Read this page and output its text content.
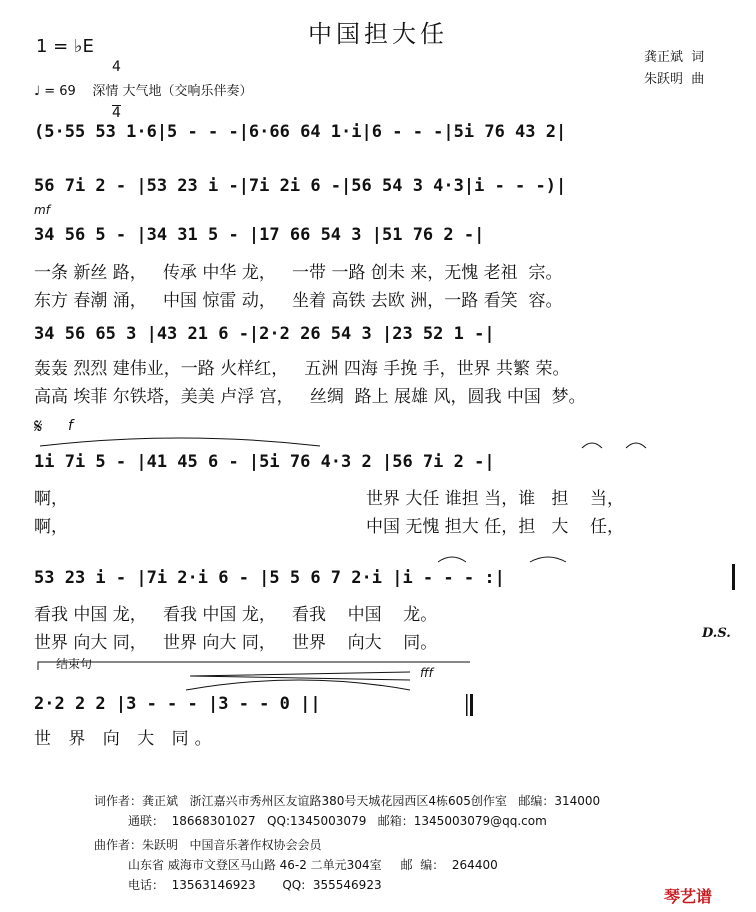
中国担大任
1 = ♭E

4

4

♩ = 69    深情 大气地（交响乐伴奏）
龚正斌  词
朱跃明  曲
(5·55 53 1·6|5 - - -|6·66 64 1·i|6 - - -|5i 76 43 2|
56 7i 2 - |53 23 i -|7i 2i 6 -|56 54 3 4·3|i - - -)|
mf
34 56 5 - |34 31 5 - |17 66 54 3 |51 76 2 -|
一条 新丝 路，   传承 中华 龙，   一带 一路 创未 来，无愧 老祖  宗。
东方 春潮 涌，   中国 惊雷 动，   坐着 高铁 去欧 洲，一路 看笑  容。
34 56 65 3 |43 21 6 -|2·2 26 54 3 |23 52 1 -|
轰轰 烈烈 建伟业，一路 火样红，   五洲 四海 手挽 手，世界 共繁 荣。
高高 埃菲 尔铁塔，美美 卢浮 宫，   丝绸  路上 展雄 风，圆我 中国  梦。
𝄋 f
1i 7i 5 - |41 45 6 - |5i 76 4·3 2 |56 7i 2 -|
啊，	世界 大任 谁担 当，谁   担    当，
啊，	中国 无愧 担大 任，担   大    任，
53 23 i - |7i 2·i 6 - |5 5 6 7 2·i |i - - - :|
看我 中国 龙，   看我 中国 龙，   看我    中国    龙。
世界 向大 同，   世界 向大 同，   世界    向大    同。	D.S.
结束句
fff
2·2 2 2 |3 - - - |3 - - 0 ||
世 界 向 大 同。
词作者：龚正斌   浙江嘉兴市秀州区友谊路380号天城花园西区4栋605创作室   邮编：314000
通联：  18668301027   QQ:1345003079   邮箱：1345003079@qq.com
曲作者：朱跃明   中国音乐著作权协会会员
山东省 威海市文登区马山路 46-2 二单元304室     邮  编：  264400
电话：  13563146923       QQ:  355546923
琴艺谱
